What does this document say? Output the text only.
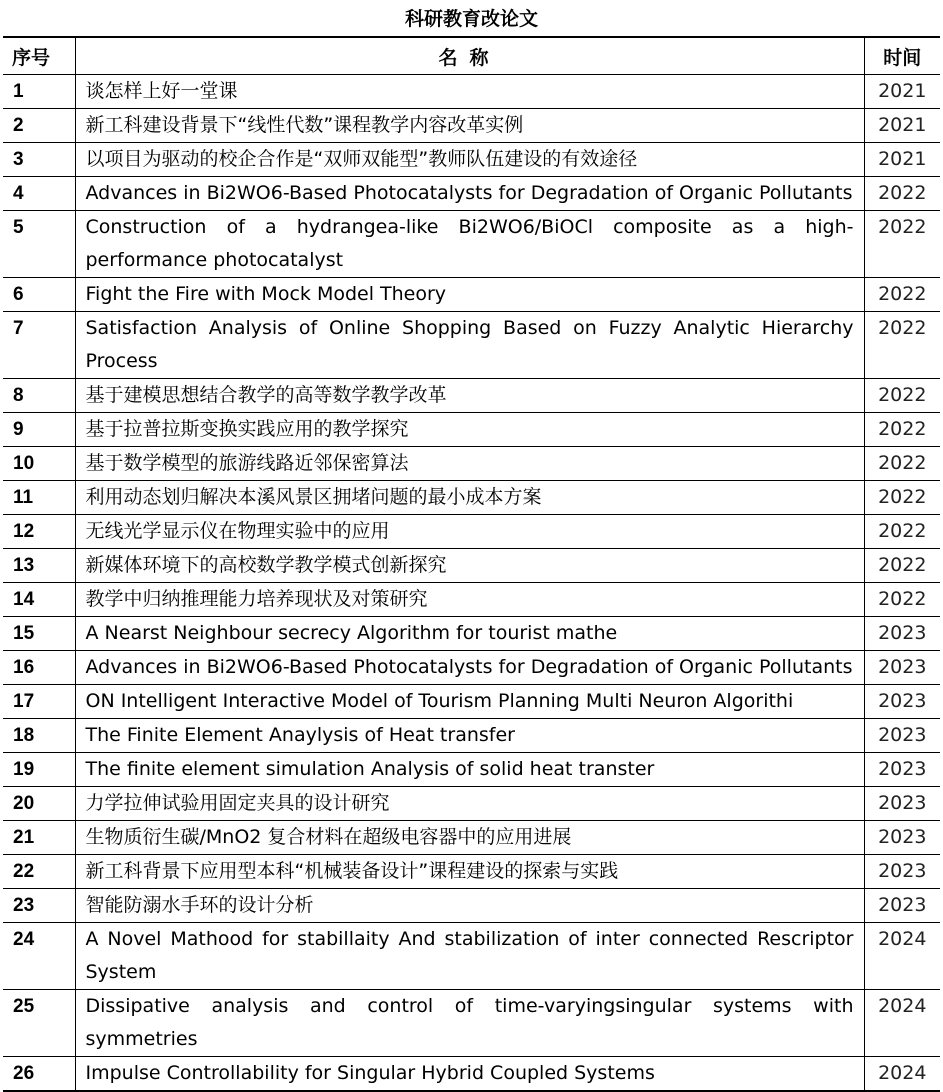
科研教育改论文
序号	名称	时间
1	谈怎样上好一堂课	2021
2	新工科建设背景下“线性代数”课程教学内容改革实例	2021
3	以项目为驱动的校企合作是“双师双能型”教师队伍建设的有效途径	2021
4	Advances in Bi2WO6-Based Photocatalysts for Degradation of Organic Pollutants	2022
5	Construction of a hydrangea-like Bi2WO6/BiOCl composite as a high-performance photocatalyst	2022
6	Fight the Fire with Mock Model Theory	2022
7	Satisfaction Analysis of Online Shopping Based on Fuzzy Analytic Hierarchy Process	2022
8	基于建模思想结合教学的高等数学教学改革	2022
9	基于拉普拉斯变换实践应用的教学探究	2022
10	基于数学模型的旅游线路近邻保密算法	2022
11	利用动态划归解决本溪风景区拥堵问题的最小成本方案	2022
12	无线光学显示仪在物理实验中的应用	2022
13	新媒体环境下的高校数学教学模式创新探究	2022
14	教学中归纳推理能力培养现状及对策研究	2022
15	A Nearst Neighbour secrecy Algorithm for tourist mathe	2023
16	Advances in Bi2WO6-Based Photocatalysts for Degradation of Organic Pollutants	2023
17	ON Intelligent Interactive Model of Tourism Planning Multi Neuron Algorithi	2023
18	The Finite Element Anaylysis of Heat transfer	2023
19	The finite element simulation Analysis of solid heat transter	2023
20	力学拉伸试验用固定夹具的设计研究	2023
21	生物质衍生碳/MnO2 复合材料在超级电容器中的应用进展	2023
22	新工科背景下应用型本科“机械装备设计”课程建设的探索与实践	2023
23	智能防溺水手环的设计分析	2023
24	A Novel Mathood for stabillaity And stabilization of inter connected Rescriptor System	2024
25	Dissipative analysis and control of time-varyingsingular systems with symmetries	2024
26	Impulse Controllability for Singular Hybrid Coupled Systems	2024
